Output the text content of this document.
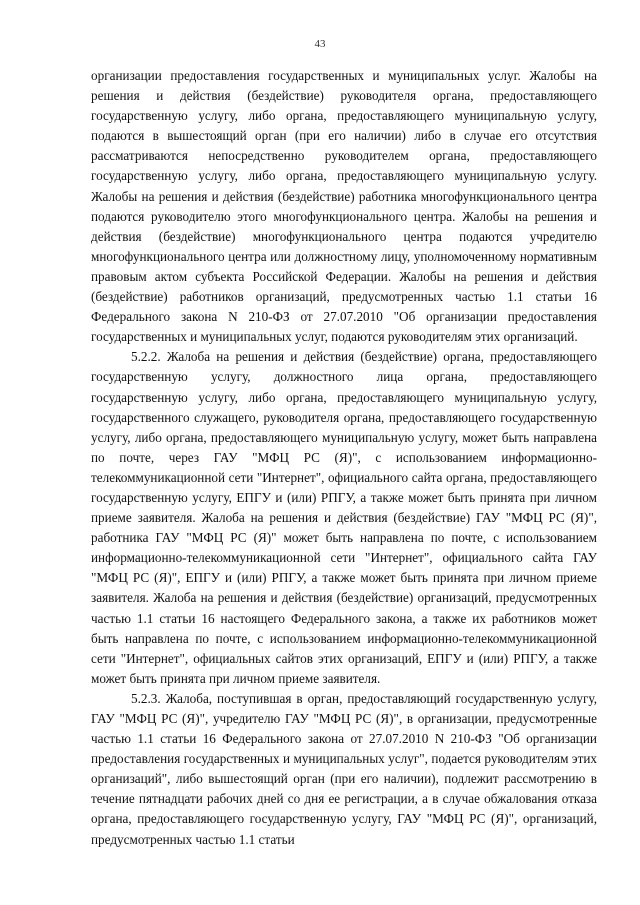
43

организации предоставления государственных и муниципальных услуг. Жалобы на решения и действия (бездействие) руководителя органа, предоставляющего государственную услугу, либо органа, предоставляющего муниципальную услугу, подаются в вышестоящий орган (при его наличии) либо в случае его отсутствия рассматриваются непосредственно руководителем органа, предоставляющего государственную услугу, либо органа, предоставляющего муниципальную услугу. Жалобы на решения и действия (бездействие) работника многофункционального центра подаются руководителю этого многофункционального центра. Жалобы на решения и действия (бездействие) многофункционального центра подаются учредителю многофункционального центра или должностному лицу, уполномоченному нормативным правовым актом субъекта Российской Федерации. Жалобы на решения и действия (бездействие) работников организаций, предусмотренных частью 1.1 статьи 16 Федерального закона N 210-ФЗ от 27.07.2010 "Об организации предоставления государственных и муниципальных услуг, подаются руководителям этих организаций.

5.2.2. Жалоба на решения и действия (бездействие) органа, предоставляющего государственную услугу, должностного лица органа, предоставляющего государственную услугу, либо органа, предоставляющего муниципальную услугу, государственного служащего, руководителя органа, предоставляющего государственную услугу, либо органа, предоставляющего муниципальную услугу, может быть направлена по почте, через ГАУ "МФЦ РС (Я)", с использованием информационно-телекоммуникационной сети "Интернет", официального сайта органа, предоставляющего государственную услугу, ЕПГУ и (или) РПГУ, а также может быть принята при личном приеме заявителя. Жалоба на решения и действия (бездействие) ГАУ "МФЦ РС (Я)", работника ГАУ "МФЦ РС (Я)" может быть направлена по почте, с использованием информационно-телекоммуникационной сети "Интернет", официального сайта ГАУ "МФЦ РС (Я)", ЕПГУ и (или) РПГУ, а также может быть принята при личном приеме заявителя. Жалоба на решения и действия (бездействие) организаций, предусмотренных частью 1.1 статьи 16 настоящего Федерального закона, а также их работников может быть направлена по почте, с использованием информационно-телекоммуникационной сети "Интернет", официальных сайтов этих организаций, ЕПГУ и (или) РПГУ, а также может быть принята при личном приеме заявителя.

5.2.3. Жалоба, поступившая в орган, предоставляющий государственную услугу, ГАУ "МФЦ РС (Я)", учредителю ГАУ "МФЦ РС (Я)", в организации, предусмотренные частью 1.1 статьи 16 Федерального закона от 27.07.2010 N 210-ФЗ "Об организации предоставления государственных и муниципальных услуг", подается руководителям этих организаций", либо вышестоящий орган (при его наличии), подлежит рассмотрению в течение пятнадцати рабочих дней со дня ее регистрации, а в случае обжалования отказа органа, предоставляющего государственную услугу, ГАУ "МФЦ РС (Я)", организаций, предусмотренных частью 1.1 статьи
